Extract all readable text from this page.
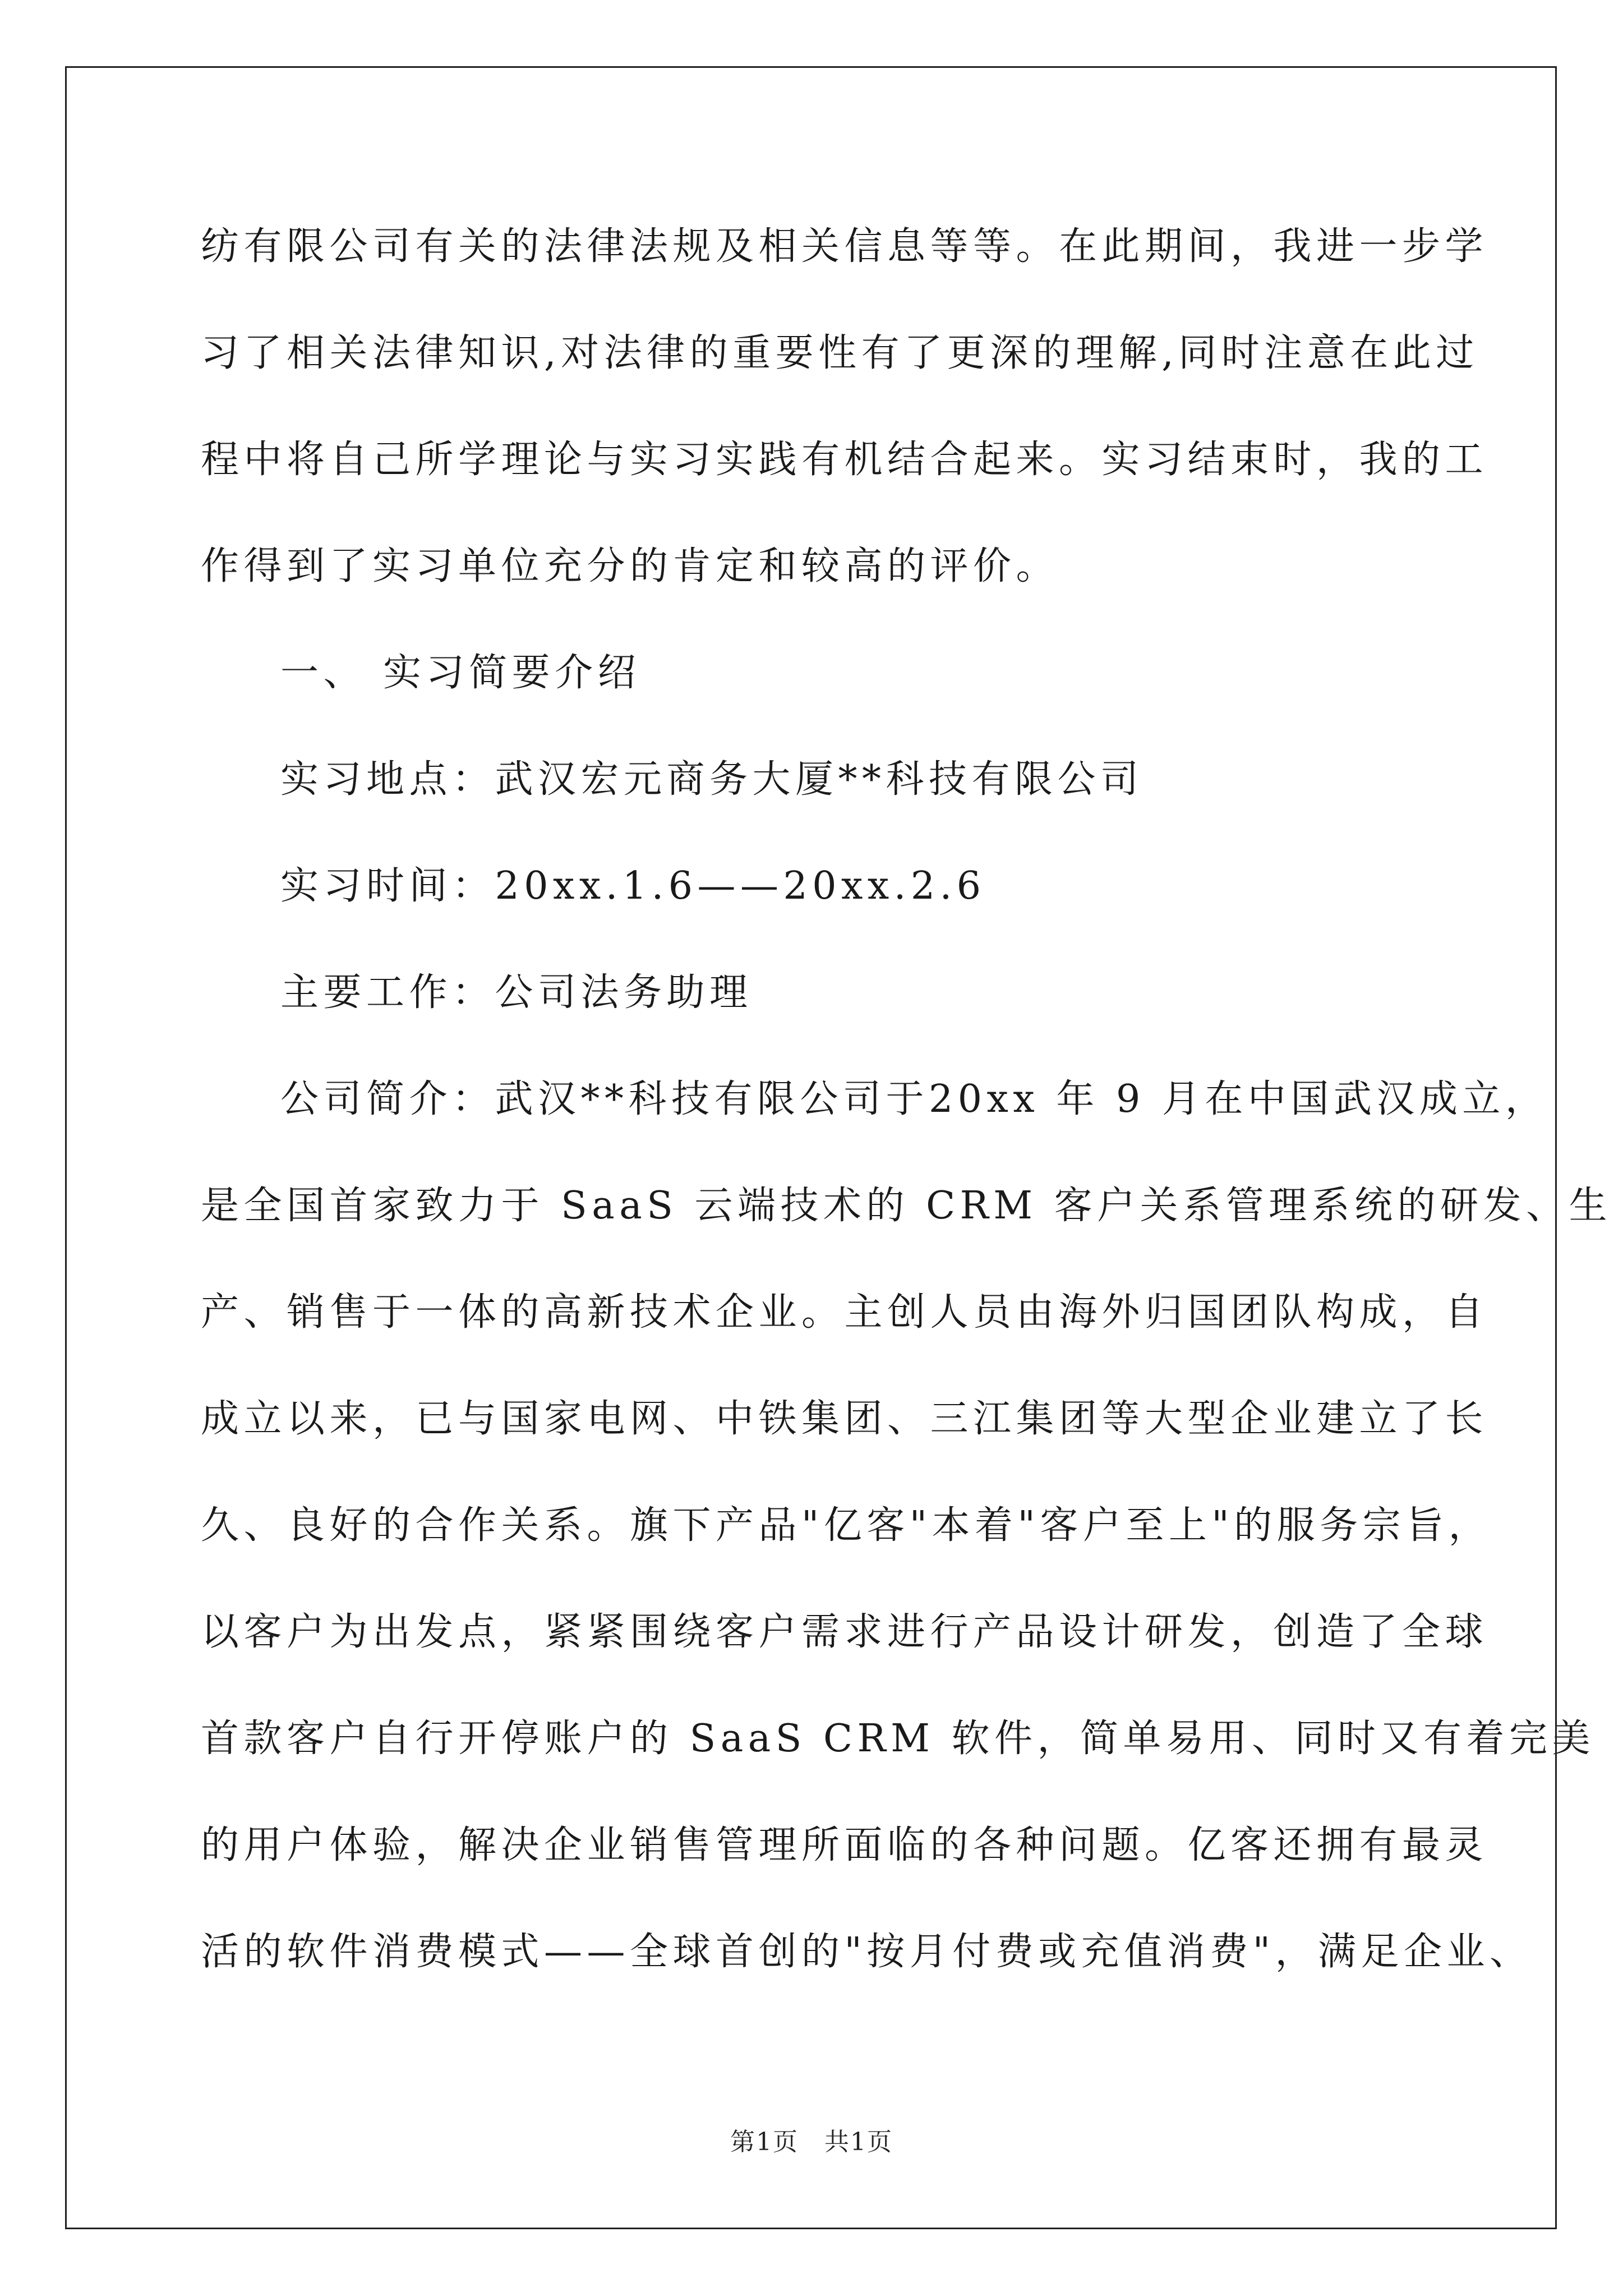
纺有限公司有关的法律法规及相关信息等等。在此期间，我进一步学
习了相关法律知识,对法律的重要性有了更深的理解,同时注意在此过
程中将自己所学理论与实习实践有机结合起来。实习结束时，我的工
作得到了实习单位充分的肯定和较高的评价。
一、 实习简要介绍
实习地点：武汉宏元商务大厦**科技有限公司
实习时间：20xx.1.6——20xx.2.6
主要工作：公司法务助理
公司简介：武汉**科技有限公司于20xx 年 9 月在中国武汉成立，
是全国首家致力于 SaaS 云端技术的 CRM 客户关系管理系统的研发、生
产、销售于一体的高新技术企业。主创人员由海外归国团队构成，自
成立以来，已与国家电网、中铁集团、三江集团等大型企业建立了长
久、良好的合作关系。旗下产品"亿客"本着"客户至上"的服务宗旨，
以客户为出发点，紧紧围绕客户需求进行产品设计研发，创造了全球
首款客户自行开停账户的 SaaS CRM 软件，简单易用、同时又有着完美
的用户体验，解决企业销售管理所面临的各种问题。亿客还拥有最灵
活的软件消费模式——全球首创的"按月付费或充值消费"，满足企业、
第1页　共1页
